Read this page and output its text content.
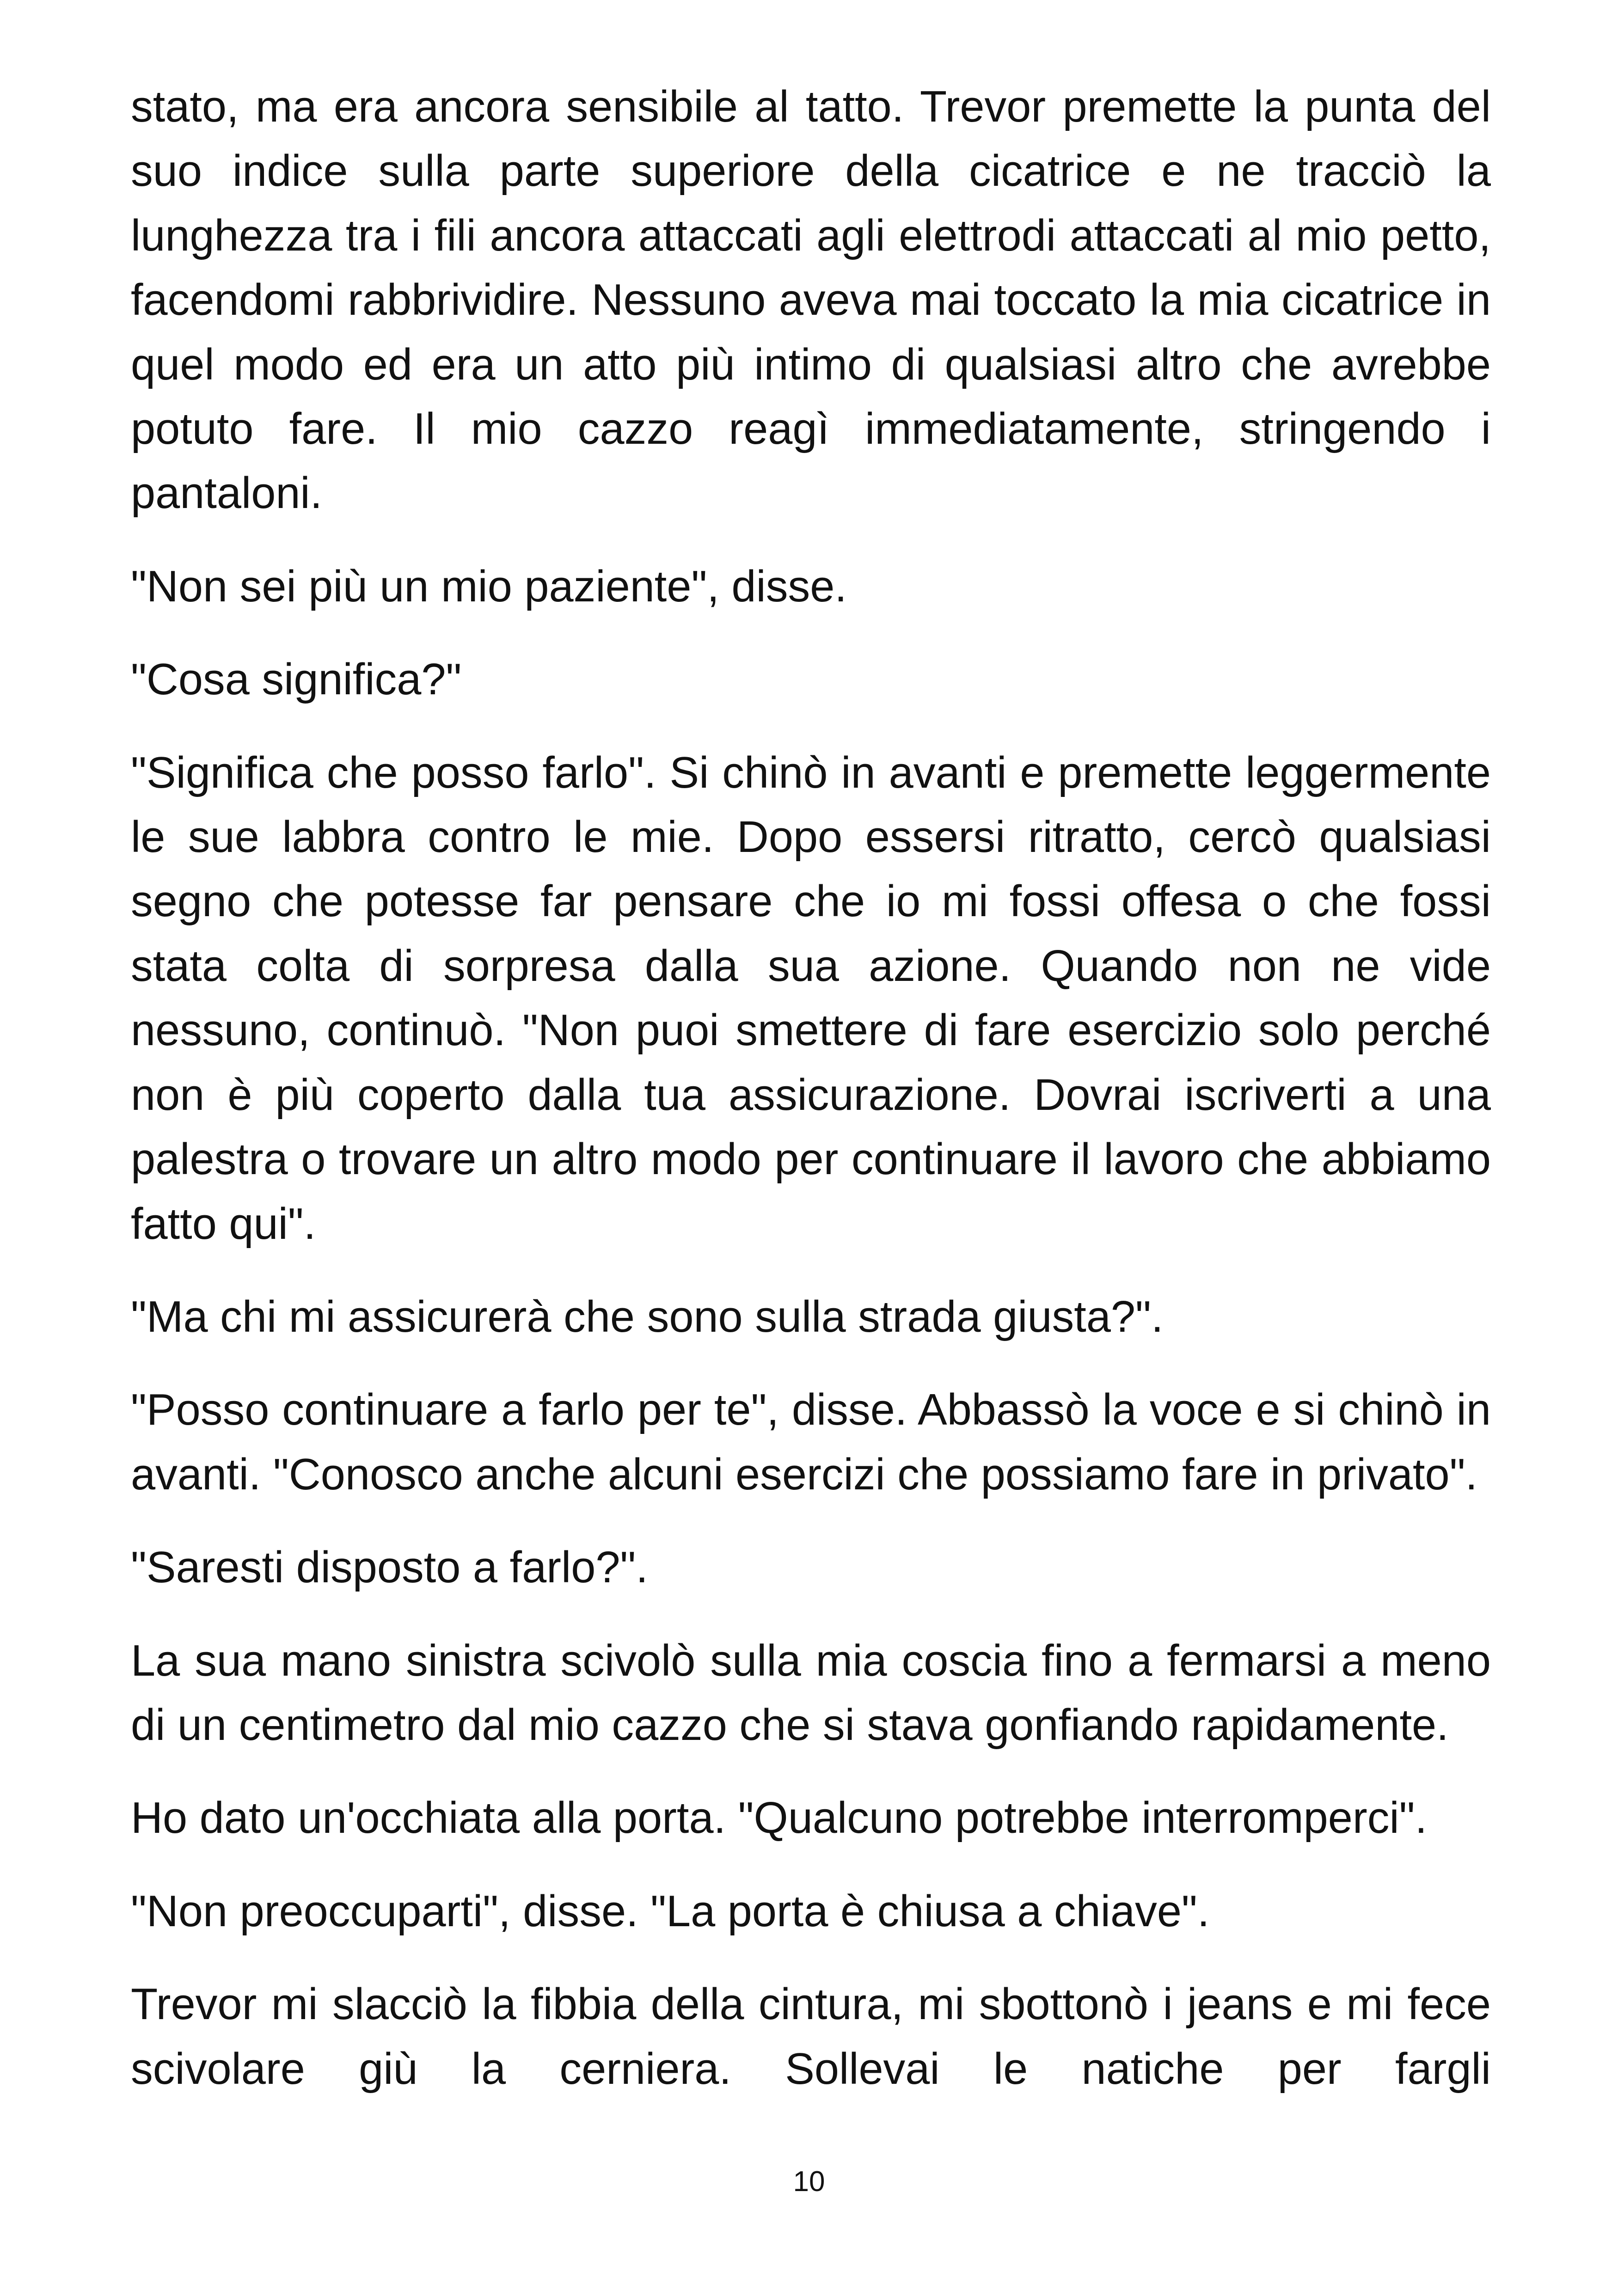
stato, ma era ancora sensibile al tatto. Trevor premette la punta del suo indice sulla parte superiore della cicatrice e ne tracciò la lunghezza tra i fili ancora attaccati agli elettrodi attaccati al mio petto, facendomi rabbrividire. Nessuno aveva mai toccato la mia cicatrice in quel modo ed era un atto più intimo di qualsiasi altro che avrebbe potuto fare. Il mio cazzo reagì immediatamente, stringendo i pantaloni.

"Non sei più un mio paziente", disse.

"Cosa significa?"

"Significa che posso farlo". Si chinò in avanti e premette leggermente le sue labbra contro le mie. Dopo essersi ritratto, cercò qualsiasi segno che potesse far pensare che io mi fossi offesa o che fossi stata colta di sorpresa dalla sua azione. Quando non ne vide nessuno, continuò. "Non puoi smettere di fare esercizio solo perché non è più coperto dalla tua assicurazione. Dovrai iscriverti a una palestra o trovare un altro modo per continuare il lavoro che abbiamo fatto qui".

"Ma chi mi assicurerà che sono sulla strada giusta?".

"Posso continuare a farlo per te", disse. Abbassò la voce e si chinò in avanti. "Conosco anche alcuni esercizi che possiamo fare in privato".

"Saresti disposto a farlo?".

La sua mano sinistra scivolò sulla mia coscia fino a fermarsi a meno di un centimetro dal mio cazzo che si stava gonfiando rapidamente.

Ho dato un'occhiata alla porta. "Qualcuno potrebbe interromperci".

"Non preoccuparti", disse. "La porta è chiusa a chiave".

Trevor mi slacciò la fibbia della cintura, mi sbottonò i jeans e mi fece scivolare giù la cerniera. Sollevai le natiche per fargli

10
